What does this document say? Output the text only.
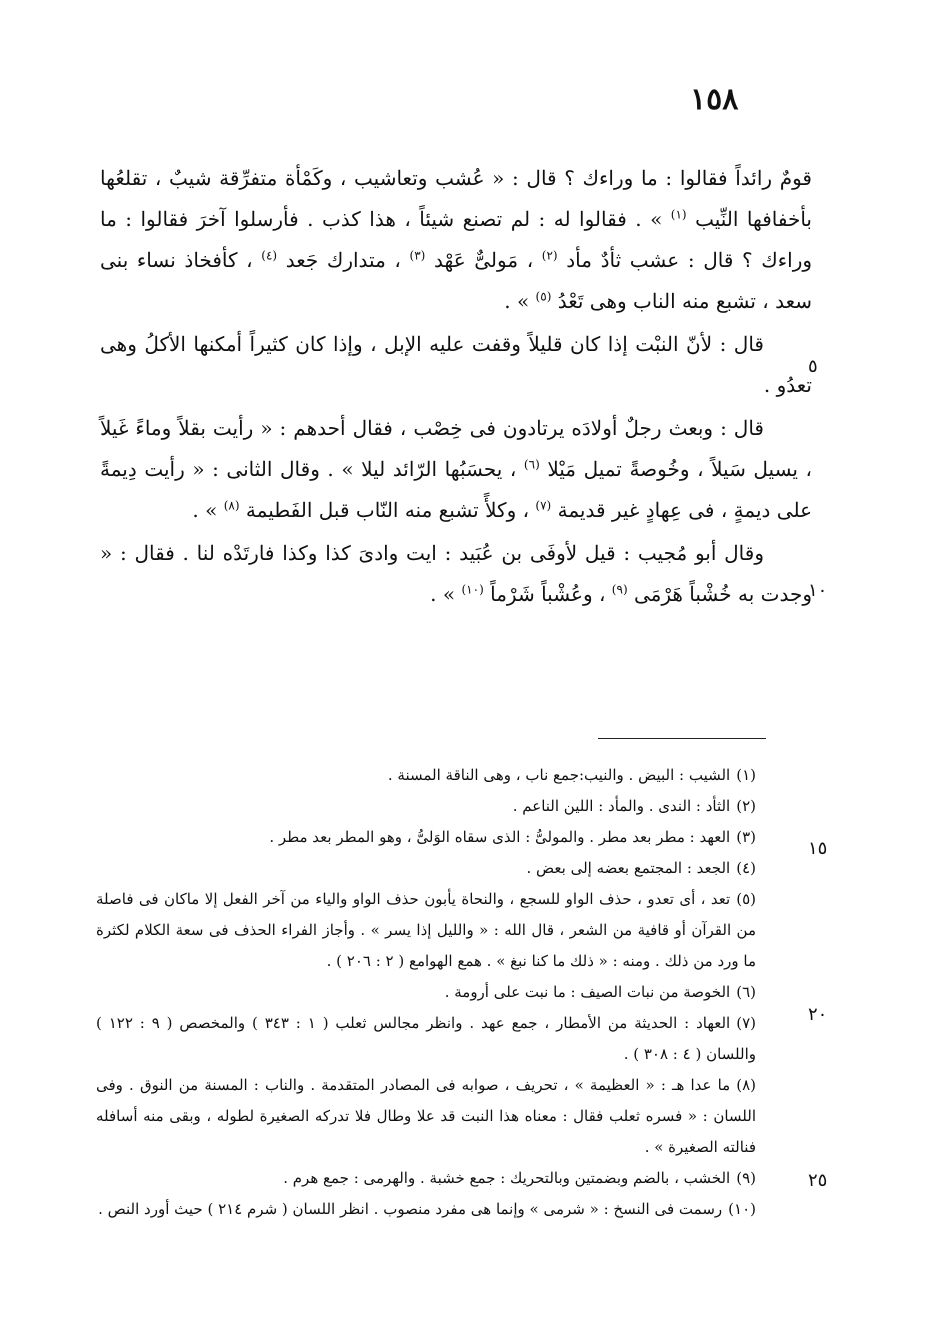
١٥٨
٥
١٠
١٥
٢٠
٢٥

قومٌ رائداً فقالوا : ما وراءك ؟ قال : « عُشب وتعاشيب ، وكَمْأة متفرِّقة شيبٌ ، تقلعُها بأخفافها النِّيب $^{(١)}$ » . فقالوا له : لم تصنع شيئاً ، هذا كذب . فأرسلوا آخرَ فقالوا : ما وراءك ؟ قال : عشب ثأدٌ مأد $^{(٢)}$ ، مَولىٌّ عَهْد $^{(٣)}$ ، متدارك جَعد $^{(٤)}$ ، كأفخاذ نساء بنى سعد ، تشبع منه الناب وهى تَعْدُ $^{(٥)}$ » .

قال : لأنّ النبْت إذا كان قليلاً وقفت عليه الإبل ، وإذا كان كثيراً أمكنها الأكلُ وهى تعدُو .

قال : وبعث رجلٌ أولادَه يرتادون فى خِصْب ، فقال أحدهم : « رأيت بقلاً وماءً غَيلاً ، يسيل سَيلاً ، وخُوصةً تميل مَيْلا $^{(٦)}$ ، يحسَبُها الرّائد ليلا » . وقال الثانى : « رأيت دِيمةً على ديمةٍ ، فى عِهادٍ غير قديمة $^{(٧)}$ ، وكلأً تشبع منه النّاب قبل الفَطيمة $^{(٨)}$ » .

وقال أبو مُجيب : قيل لأوفَى بن عُبَيد : ايت وادىَ كذا وكذا فارتَدْه لنا . فقال : « وجدت به خُشْباً هَرْمَى $^{(٩)}$ ، وعُشْباً شَرْماً $^{(١٠)}$ » .

(١)الشيب : البيض . والنيب:جمع ناب ، وهى الناقة المسنة .

(٢)الثأد : الندى . والمأد : اللين الناعم .

(٣)العهد : مطر بعد مطر . والمولىُّ : الذى سقاه الوَلىُّ ، وهو المطر بعد مطر .

(٤)الجعد : المجتمع بعضه إلى بعض .

(٥)تعد ، أى تعدو ، حذف الواو للسجع ، والنحاة يأبون حذف الواو والياء من آخر الفعل إلا ماكان فى فاصلة من القرآن أو قافية من الشعر ، قال الله : « والليل إذا يسر » . وأجاز الفراء الحذف فى سعة الكلام لكثرة ما ورد من ذلك . ومنه : « ذلك ما كنا نبغ » . همع الهوامع ( ٢ : ٢٠٦ ) .

(٦)الخوصة من نبات الصيف : ما نبت على أرومة .

(٧)العهاد : الحديثة من الأمطار ، جمع عهد . وانظر مجالس ثعلب ( ١ : ٣٤٣ ) والمخصص ( ٩ : ١٢٢ ) واللسان ( ٤ : ٣٠٨ ) .

(٨)ما عدا هـ : « العظيمة » ، تحريف ، صوابه فى المصادر المتقدمة . والناب : المسنة من النوق . وفى اللسان : « فسره ثعلب فقال : معناه هذا النبت قد علا وطال فلا تدركه الصغيرة لطوله ، وبقى منه أسافله فنالته الصغيرة » .

(٩)الخشب ، بالضم وبضمتين وبالتحريك : جمع خشبة . والهرمى : جمع هرم .

(١٠)رسمت فى النسخ : « شرمى » وإنما هى مفرد منصوب . انظر اللسان ( شرم ٢١٤ ) حيث أورد النص .
